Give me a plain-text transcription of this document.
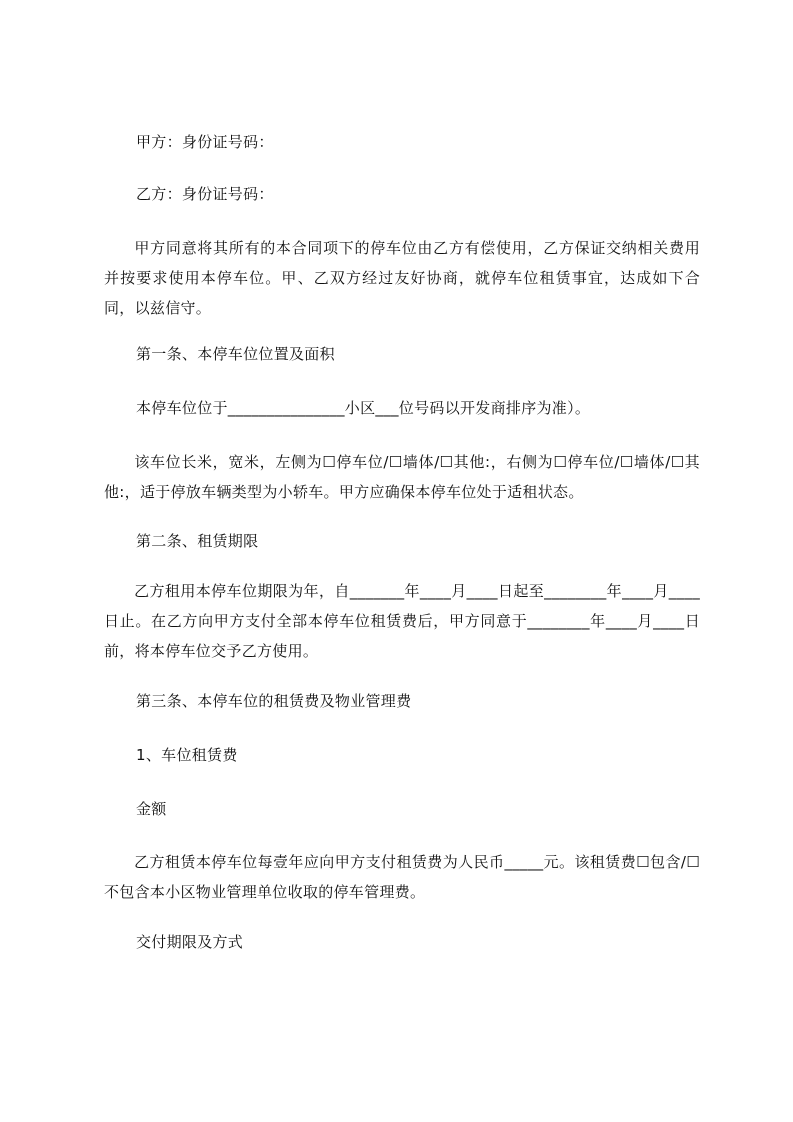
甲方：身份证号码：
乙方：身份证号码：
甲方同意将其所有的本合同项下的停车位由乙方有偿使用，乙方保证交纳相关费用并按要求使用本停车位。甲、乙双方经过友好协商，就停车位租赁事宜，达成如下合同，以兹信守。
第一条、本停车位位置及面积
本停车位位于_______________小区___位号码以开发商排序为准）。
该车位长米，宽米，左侧为☐停车位/☐墙体/☐其他:，右侧为☐停车位/☐墙体/☐其他:，适于停放车辆类型为小轿车。甲方应确保本停车位处于适租状态。
第二条、租赁期限
乙方租用本停车位期限为年，自_______年____月____日起至________年____月____日止。在乙方向甲方支付全部本停车位租赁费后，甲方同意于________年____月____日前，将本停车位交予乙方使用。
第三条、本停车位的租赁费及物业管理费
1、车位租赁费
金额
乙方租赁本停车位每壹年应向甲方支付租赁费为人民币_____元。该租赁费☐包含/☐不包含本小区物业管理单位收取的停车管理费。
交付期限及方式
